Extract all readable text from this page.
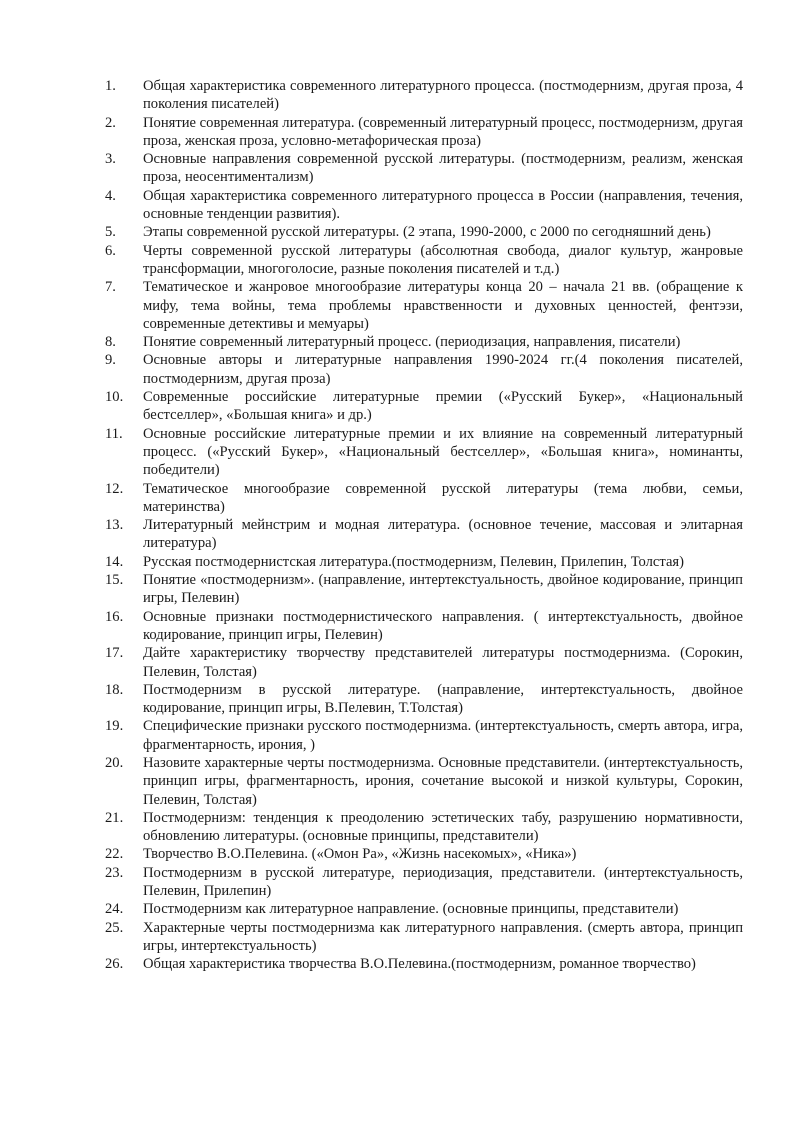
1.	Общая характеристика современного литературного процесса. (постмодернизм, другая проза, 4 поколения писателей)
2.	Понятие современная литература. (современный литературный процесс, постмодернизм, другая проза, женская проза, условно-метафорическая проза)
3.	Основные направления современной русской литературы. (постмодернизм, реализм, женская проза, неосентиментализм)
4.	Общая характеристика современного литературного процесса в России (направления, течения, основные тенденции развития).
5.	Этапы современной русской литературы. (2 этапа, 1990-2000, с 2000 по сегодняшний день)
6.	Черты современной русской литературы (абсолютная свобода, диалог культур, жанровые трансформации, многоголосие, разные поколения писателей и т.д.)
7.	Тематическое и жанровое многообразие литературы конца 20 – начала 21 вв. (обращение к мифу, тема войны, тема проблемы нравственности и духовных ценностей, фентэзи, современные детективы и мемуары)
8.	Понятие современный литературный процесс. (периодизация, направления, писатели)
9.	Основные авторы и литературные направления 1990-2024 гг.(4 поколения писателей, постмодернизм, другая проза)
10.	Современные российские литературные премии («Русский Букер», «Национальный бестселлер», «Большая книга» и др.)
11.	Основные российские литературные премии и их влияние на современный литературный процесс. («Русский Букер», «Национальный бестселлер», «Большая книга», номинанты, победители)
12.	Тематическое многообразие современной русской литературы (тема любви, семьи, материнства)
13.	Литературный мейнстрим и модная литература. (основное течение, массовая и элитарная литература)
14.	Русская постмодернистская литература.(постмодернизм, Пелевин, Прилепин, Толстая)
15.	Понятие «постмодернизм». (направление, интертекстуальность, двойное кодирование, принцип игры, Пелевин)
16.	Основные признаки постмодернистического направления. ( интертекстуальность, двойное кодирование, принцип игры, Пелевин)
17.	Дайте характеристику творчеству представителей литературы постмодернизма. (Сорокин, Пелевин, Толстая)
18.	Постмодернизм в русской литературе. (направление, интертекстуальность, двойное кодирование, принцип игры, В.Пелевин, Т.Толстая)
19.	Специфические признаки русского постмодернизма. (интертекстуальность, смерть автора, игра, фрагментарность, ирония, )
20.	Назовите характерные черты постмодернизма. Основные представители. (интертекстуальность, принцип игры, фрагментарность, ирония, сочетание высокой и низкой культуры, Сорокин, Пелевин, Толстая)
21.	Постмодернизм: тенденция к преодолению эстетических табу, разрушению нормативности, обновлению литературы. (основные принципы, представители)
22.	Творчество В.О.Пелевина. («Омон Ра», «Жизнь насекомых», «Ника»)
23.	Постмодернизм в русской литературе, периодизация, представители. (интертекстуальность, Пелевин, Прилепин)
24.	Постмодернизм как литературное направление. (основные принципы, представители)
25.	Характерные черты постмодернизма как литературного направления. (смерть автора, принцип игры, интертекстуальность)
26.	Общая характеристика творчества В.О.Пелевина.(постмодернизм, романное творчество)
